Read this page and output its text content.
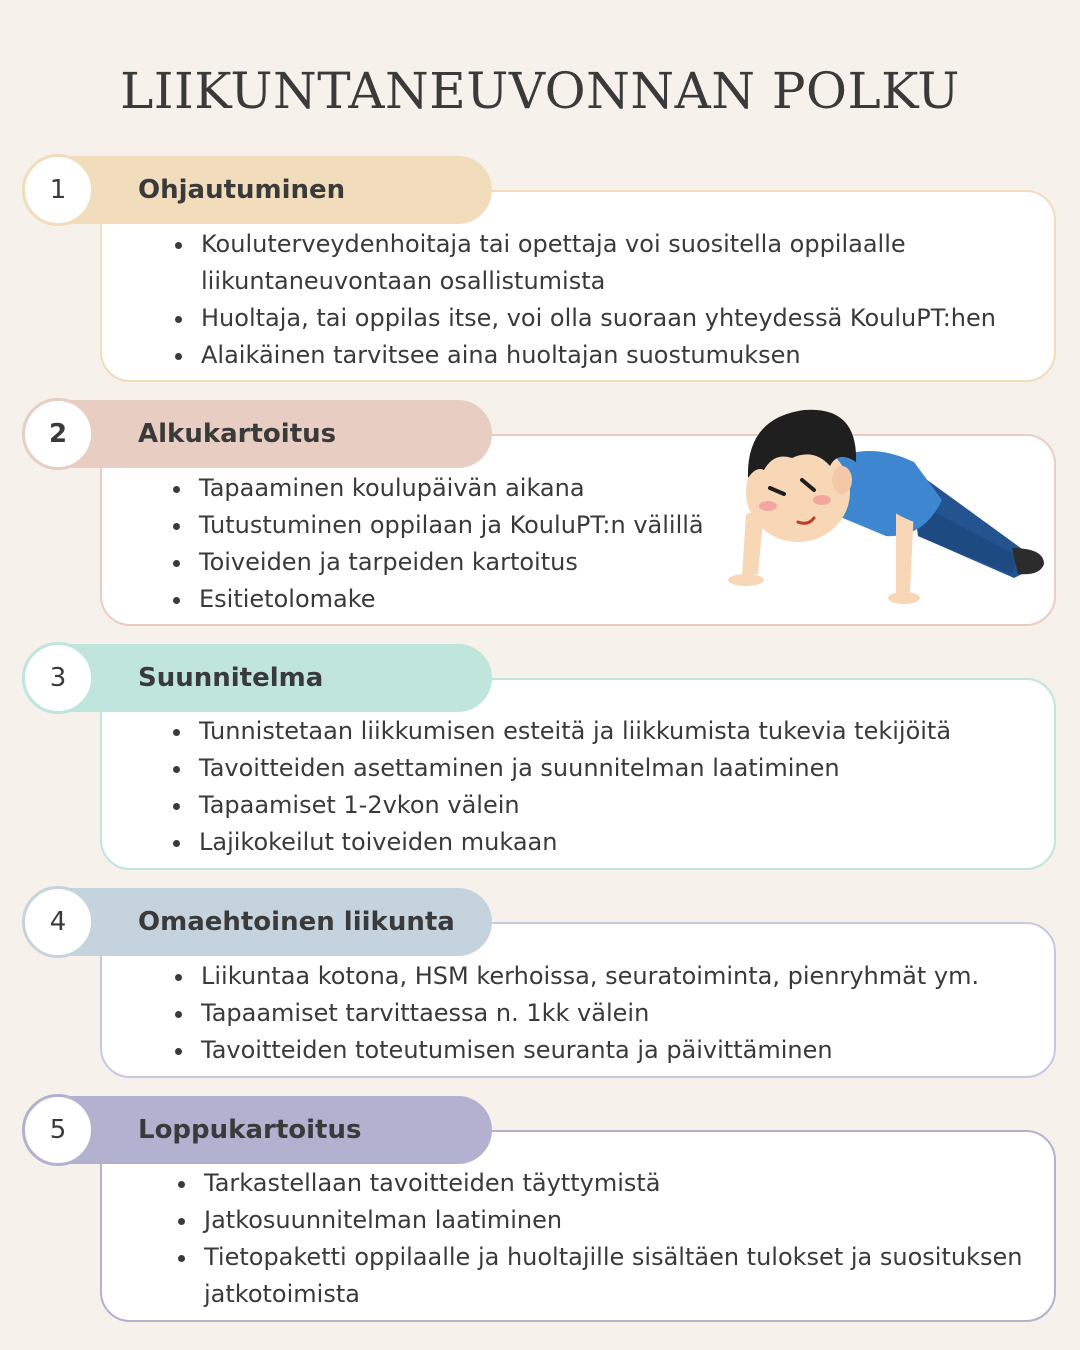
LIIKUNTANEUVONNAN POLKU
Ohjautuminen
1
Kouluterveydenhoitaja tai opettaja voi suositella oppilaalle liikuntaneuvontaan osallistumista
Huoltaja, tai oppilas itse, voi olla suoraan yhteydessä KouluPT:hen
Alaikäinen tarvitsee aina huoltajan suostumuksen
Alkukartoitus
2
Tapaaminen koulupäivän aikana
Tutustuminen oppilaan ja KouluPT:n välillä
Toiveiden ja tarpeiden kartoitus
Esitietolomake
Suunnitelma
3
Tunnistetaan liikkumisen esteitä ja liikkumista tukevia tekijöitä
Tavoitteiden asettaminen ja suunnitelman laatiminen
Tapaamiset 1-2vkon välein
Lajikokeilut toiveiden mukaan
Omaehtoinen liikunta
4
Liikuntaa kotona, HSM kerhoissa, seuratoiminta, pienryhmät ym.
Tapaamiset tarvittaessa n. 1kk välein
Tavoitteiden toteutumisen seuranta ja päivittäminen
Loppukartoitus
5
Tarkastellaan tavoitteiden täyttymistä
Jatkosuunnitelman laatiminen
Tietopaketti oppilaalle ja huoltajille sisältäen tulokset ja suosituksen jatkotoimista
